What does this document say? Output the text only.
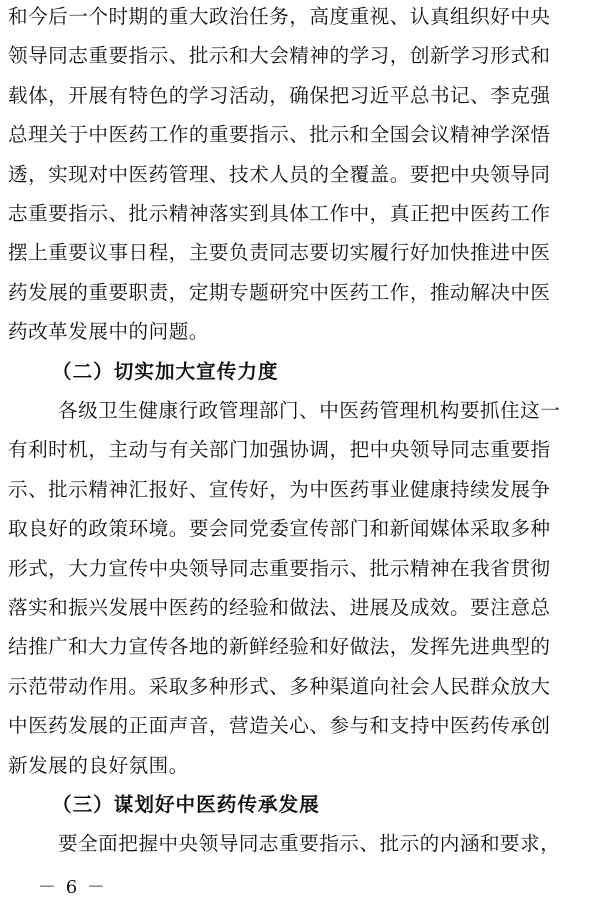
和今后一个时期的重大政治任务，高度重视、认真组织好中央
领导同志重要指示、批示和大会精神的学习，创新学习形式和
载体，开展有特色的学习活动，确保把习近平总书记、李克强
总理关于中医药工作的重要指示、批示和全国会议精神学深悟
透，实现对中医药管理、技术人员的全覆盖。要把中央领导同
志重要指示、批示精神落实到具体工作中，真正把中医药工作
摆上重要议事日程，主要负责同志要切实履行好加快推进中医
药发展的重要职责，定期专题研究中医药工作，推动解决中医
药改革发展中的问题。
（二）切实加大宣传力度
各级卫生健康行政管理部门、中医药管理机构要抓住这一
有利时机，主动与有关部门加强协调，把中央领导同志重要指
示、批示精神汇报好、宣传好，为中医药事业健康持续发展争
取良好的政策环境。要会同党委宣传部门和新闻媒体采取多种
形式，大力宣传中央领导同志重要指示、批示精神在我省贯彻
落实和振兴发展中医药的经验和做法、进展及成效。要注意总
结推广和大力宣传各地的新鲜经验和好做法，发挥先进典型的
示范带动作用。采取多种形式、多种渠道向社会人民群众放大
中医药发展的正面声音，营造关心、参与和支持中医药传承创
新发展的良好氛围。
（三）谋划好中医药传承发展
要全面把握中央领导同志重要指示、批示的内涵和要求，
－ 6 －
